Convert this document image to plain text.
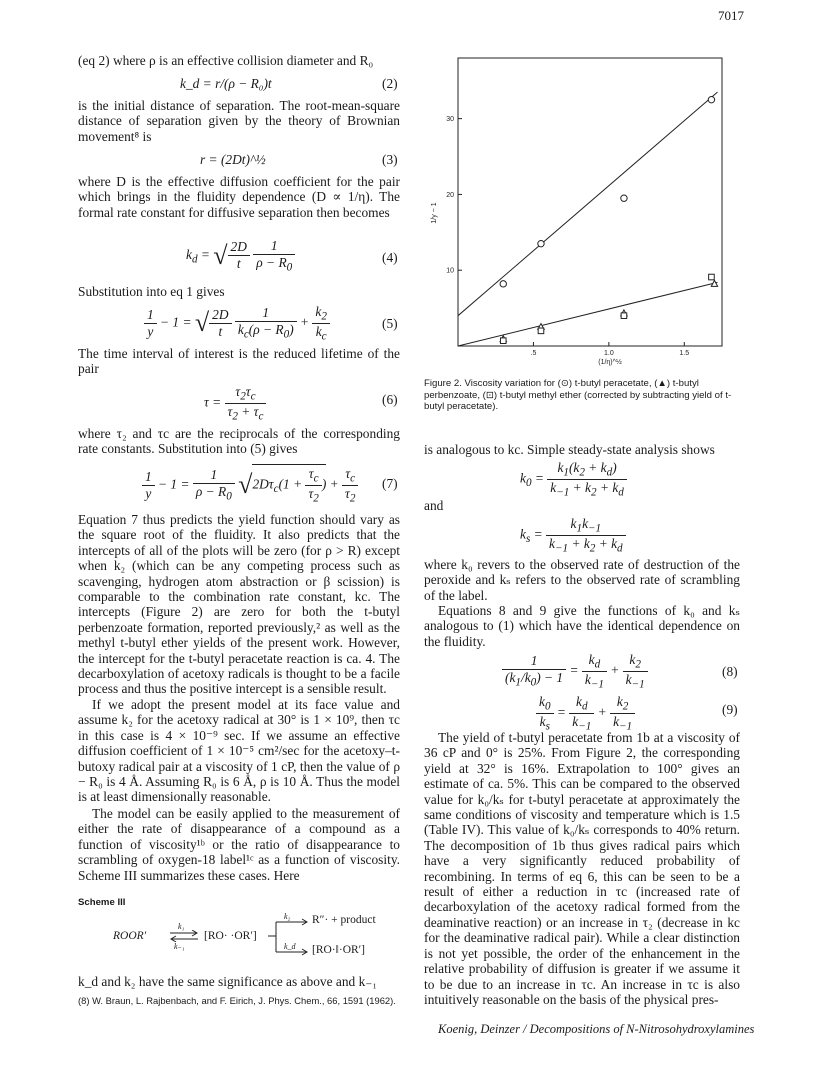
7017
(eq 2) where ρ is an effective collision diameter and R₀
k_d = r/(ρ − R₀)t	(2)
is the initial distance of separation. The root-mean-square distance of separation given by the theory of Brownian movement⁸ is
r = (2Dt)^½	(3)
where D is the effective diffusion coefficient for the pair which brings in the fluidity dependence (D ∝ 1/η). The formal rate constant for diffusive separation then becomes
$k_d$ = √ $\frac{2D}{t}$
$\frac{1}{\rho - R_0}$	(4)
Substitution into eq 1 gives
$\frac{1}{y} - 1$ = √ $\frac{2D}{t}$
$\frac{1}{k_c(\rho - R_0)} + \frac{k_2}{k_c}$	(5)
The time interval of interest is the reduced lifetime of the pair
$\tau = \frac{\tau_2\tau_c}{\tau_2 + \tau_c}$	(6)
where τ₂ and τc are the reciprocals of the corresponding rate constants. Substitution into (5) gives
$\frac{1}{y} - 1 = \frac{1}{\rho - R_0} √2D\tau_c(1 + \frac{\tau_c}{\tau_2}$ ) + $\frac{\tau_c}{\tau_2} (7)$
Equation 7 thus predicts the yield function should vary as the square root of the fluidity. It also predicts that the intercepts of all of the plots will be zero (for ρ > R) except when k₂ (which can be any competing process such as scavenging, hydrogen atom abstraction or β scission) is comparable to the combination rate constant, kc. The intercepts (Figure 2) are zero for both the t-butyl perbenzoate formation, reported previously,² as well as the methyl t-butyl ether yields of the present work. However, the intercept for the t-butyl peracetate reaction is ca. 4. The decarboxylation of acetoxy radicals is thought to be a facile process and thus the positive intercept is a sensible result.
If we adopt the present model at its face value and assume k₂ for the acetoxy radical at 30° is 1 × 10⁹, then τc in this case is 4 × 10⁻⁹ sec. If we assume an effective diffusion coefficient of 1 × 10⁻⁵ cm²/sec for the acetoxy–t-butoxy radical pair at a viscosity of 1 cP, then the value of ρ − R₀ is 4 Å. Assuming R₀ is 6 Å, ρ is 10 Å. Thus the model is at least dimensionally reasonable.
The model can be easily applied to the measurement of either the rate of disappearance of a compound as a function of viscosity¹ᵇ or the ratio of disappearance to scrambling of oxygen-18 label¹ᶜ as a function of viscosity. Scheme III summarizes these cases. Here
Scheme III
ROOR′
k₁
k₋₁
⇌ [RO· ·OR′]
k₂
k_d
R″· + product
[RO·‖·OR′]
k_d and k₂ have the same significance as above and k₋₁
(8) W. Braun, L. Rajbenbach, and F. Eirich, J. Phys. Chem., 66, 1591 (1962).
10
20
30
.5	1.0	1.5
1/y − 1
(1/η)^½
Figure 2. Viscosity variation for (⊙) t-butyl peracetate, (▲) t-butyl perbenzoate, (⊡) t-butyl methyl ether (corrected by subtracting yield of t-butyl peracetate).
is analogous to kc. Simple steady-state analysis shows
$k_0 = \frac{k_1(k_2 + k_d)}{k_{-1} + k_2 + k_d}$
and
$k_s = \frac{k_1k_{-1}}{k_{-1} + k_2 + k_d}$
where k₀ revers to the observed rate of destruction of the peroxide and kₛ refers to the observed rate of scrambling of the label.
Equations 8 and 9 give the functions of k₀ and kₛ analogous to (1) which have the identical dependence on the fluidity.
$\frac{1}{(k_1/k_0) - 1} = \frac{k_d}{k_{-1}} + \frac{k_2}{k_{-1}}$	(8)
$\frac{k_0}{k_s} = \frac{k_d}{k_{-1}} + \frac{k_2}{k_{-1}}$	(9)
The yield of t-butyl peracetate from 1b at a viscosity of 36 cP and 0° is 25%. From Figure 2, the corresponding yield at 32° is 16%. Extrapolation to 100° gives an estimate of ca. 5%. This can be compared to the observed value for k₀/kₛ for t-butyl peracetate at approximately the same conditions of viscosity and temperature which is 1.5 (Table IV). This value of k₀/kₛ corresponds to 40% return. The decomposition of 1b thus gives radical pairs which have a very significantly reduced probability of recombining. In terms of eq 6, this can be seen to be a result of either a reduction in τc (increased rate of decarboxylation of the acetoxy radical formed from the deaminative reaction) or an increase in τ₂ (decrease in kc for the deaminative radical pair). While a clear distinction is not yet possible, the order of the enhancement in the relative probability of diffusion is greater if we assume it to be due to an increase in τc. An increase in τc is also intuitively reasonable on the basis of the physical pres-
Koenig, Deinzer / Decompositions of N-Nitrosohydroxylamines
